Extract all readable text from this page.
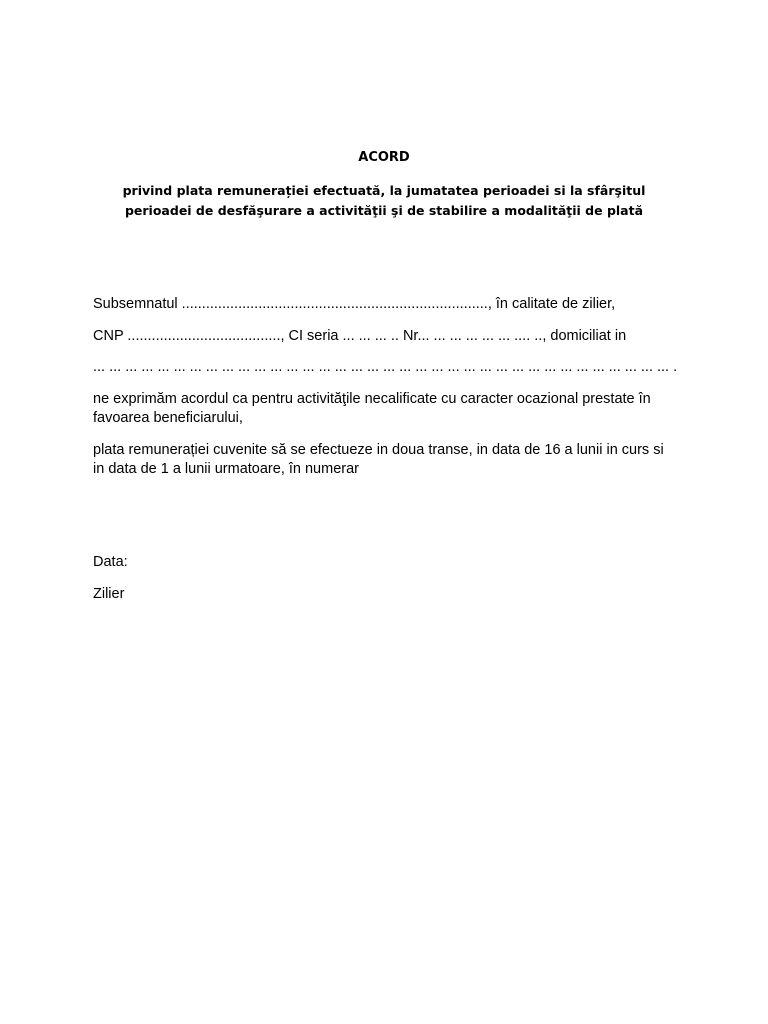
ACORD
privind plata remunerației efectuată, la jumatatea perioadei si la sfârşitul
perioadei de desfăşurare a activităţii şi de stabilire a modalităţii de plată
Subsemnatul ............................................................................, în calitate de zilier,
CNP ......................................, CI seria ... ... ... .. Nr... ... ... ... ... ... .... .., domiciliat in
... ... ... ... ... ... ... ... ... ... ... ... ... ... ... ... ... ... ... ... ... ... ... ... ... ... ... ... ... ... ... ... ... ... ... ... .
ne exprimăm acordul ca pentru activităţile necalificate cu caracter ocazional prestate în
favoarea beneficiarului,
plata remunerației cuvenite să se efectueze in doua transe, in data de 16 a lunii in curs si
in data de 1 a lunii urmatoare, în numerar
Data:
Zilier
